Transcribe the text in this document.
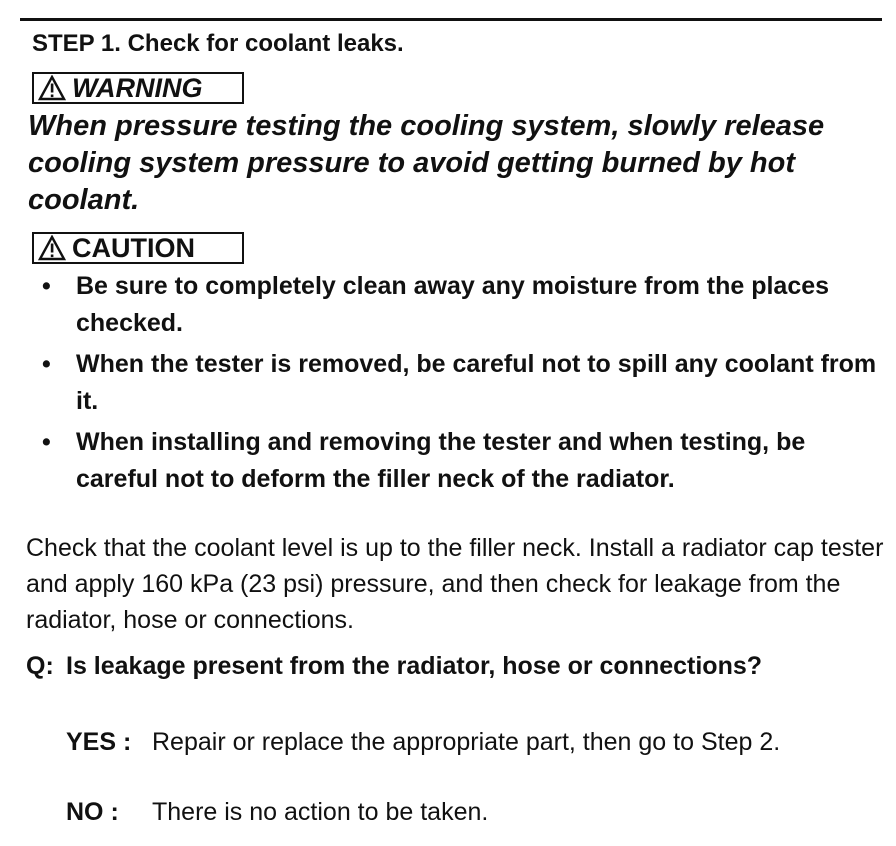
STEP 1. Check for coolant leaks.
WARNING
When pressure testing the cooling system, slowly release cooling system pressure to avoid getting burned by hot coolant.
CAUTION
• Be sure to completely clean away any moisture from the places checked.
• When the tester is removed, be careful not to spill any coolant from it.
• When installing and removing the tester and when testing, be careful not to deform the filler neck of the radiator.
Check that the coolant level is up to the filler neck. Install a radiator cap tester and apply 160 kPa (23 psi) pressure, and then check for leakage from the radiator, hose or connections.
Q: Is leakage present from the radiator, hose or connections?
YES : Repair or replace the appropriate part, then go to Step 2.
NO : There is no action to be taken.
